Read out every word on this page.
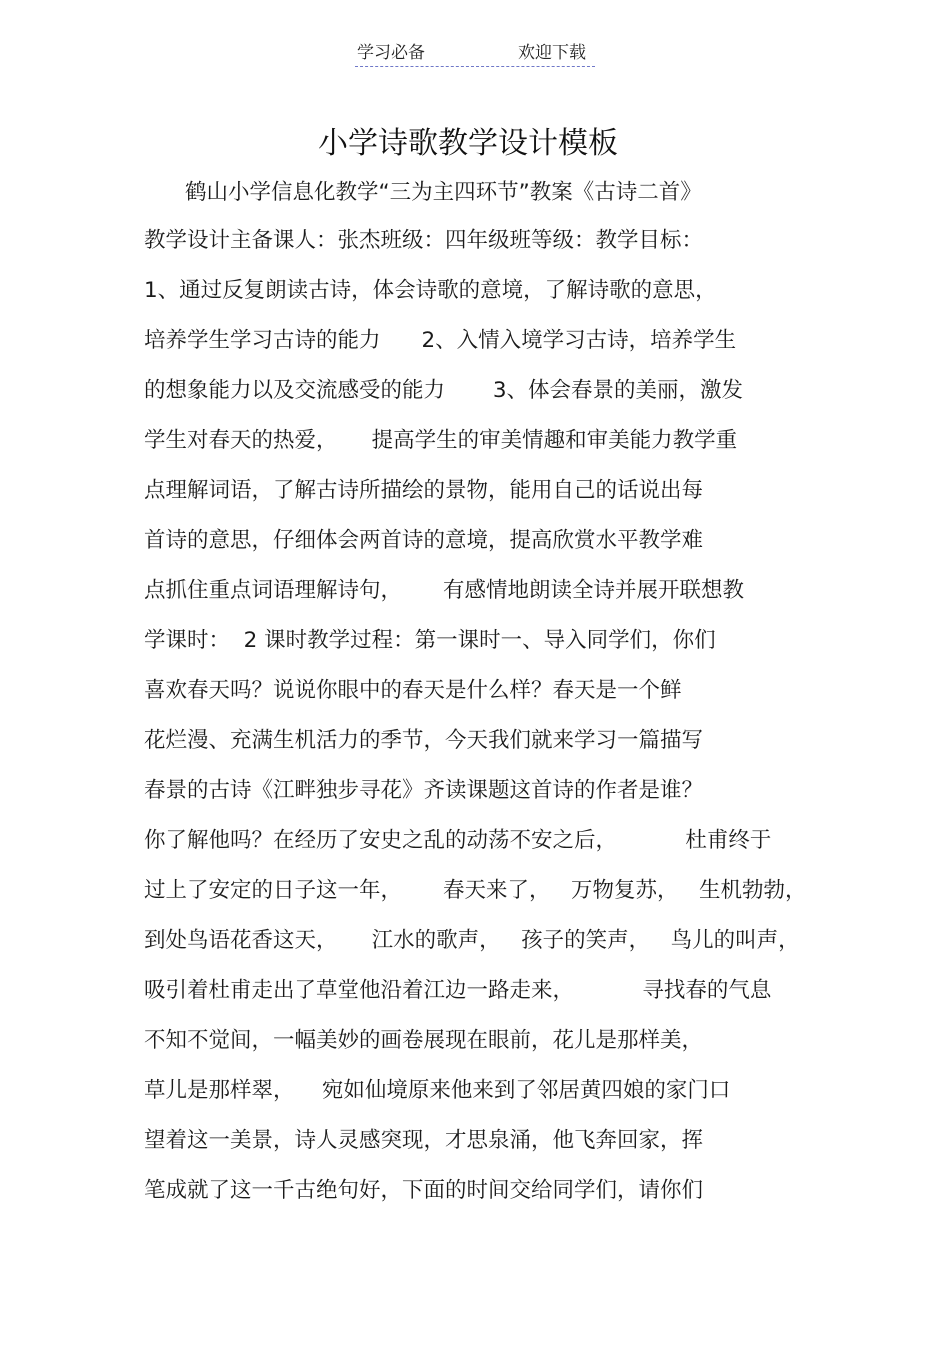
学习必备	欢迎下载
小学诗歌教学设计模板
鹤山小学信息化教学“三为主四环节”教案《古诗二首》
教学设计主备课人：张杰班级：四年级班等级：教学目标：
1、通过反复朗读古诗，体会诗歌的意境，了解诗歌的意思，
培养学生学习古诗的能力      2、入情入境学习古诗，培养学生
的想象能力以及交流感受的能力       3、体会春景的美丽，激发
学生对春天的热爱，     提高学生的审美情趣和审美能力教学重
点理解词语，了解古诗所描绘的景物，能用自己的话说出每
首诗的意思，仔细体会两首诗的意境，提高欣赏水平教学难
点抓住重点词语理解诗句，      有感情地朗读全诗并展开联想教
学课时：  2 课时教学过程：第一课时一、导入同学们，你们
喜欢春天吗？说说你眼中的春天是什么样？春天是一个鲜
花烂漫、充满生机活力的季节，今天我们就来学习一篇描写
春景的古诗《江畔独步寻花》齐读课题这首诗的作者是谁？
你了解他吗？在经历了安史之乱的动荡不安之后，          杜甫终于
过上了安定的日子这一年，      春天来了，   万物复苏，   生机勃勃，
到处鸟语花香这天，     江水的歌声，   孩子的笑声，   鸟儿的叫声，
吸引着杜甫走出了草堂他沿着江边一路走来，          寻找春的气息
不知不觉间，一幅美妙的画卷展现在眼前，花儿是那样美，
草儿是那样翠，    宛如仙境原来他来到了邻居黄四娘的家门口
望着这一美景，诗人灵感突现，才思泉涌，他飞奔回家，挥
笔成就了这一千古绝句好，下面的时间交给同学们，请你们
